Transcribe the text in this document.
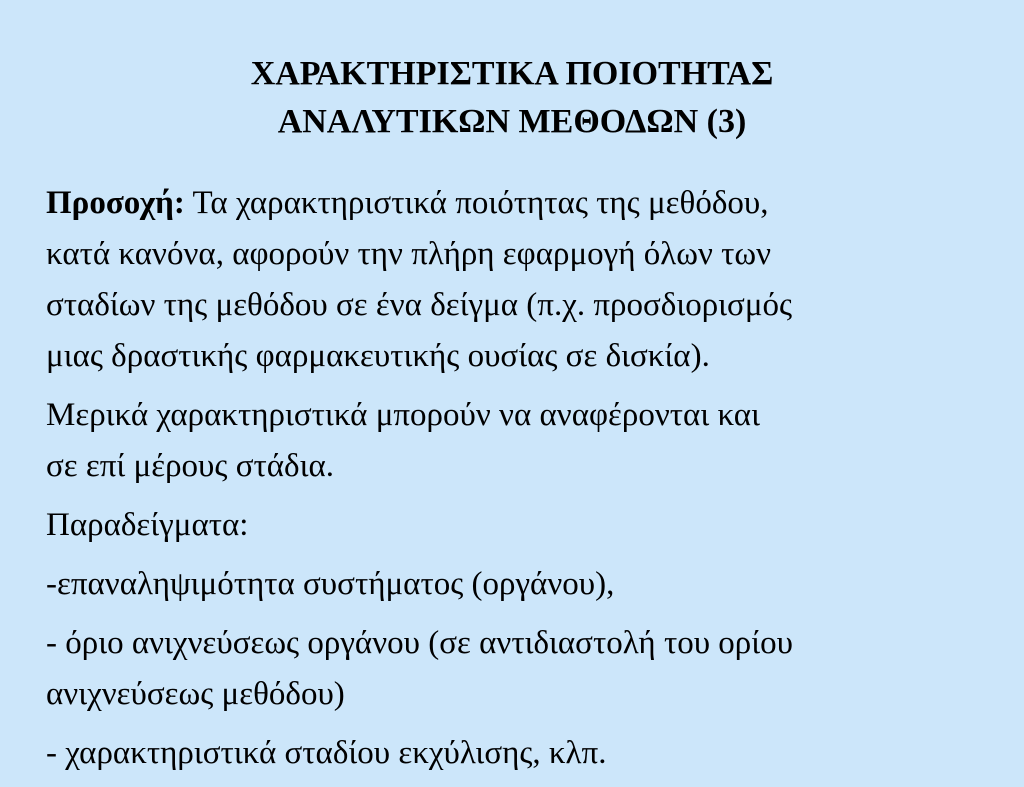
ΧΑΡΑΚΤΗΡΙΣΤΙΚΑ ΠΟΙΟΤΗΤΑΣ
ΑΝΑΛΥΤΙΚΩΝ ΜΕΘΟΔΩΝ (3)

Προσοχή: Τα χαρακτηριστικά ποιότητας της μεθόδου,
κατά κανόνα, αφορούν την πλήρη εφαρμογή όλων των
σταδίων της μεθόδου σε ένα δείγμα (π.χ. προσδιορισμός
μιας δραστικής φαρμακευτικής ουσίας σε δισκία).

Μερικά χαρακτηριστικά μπορούν να αναφέρονται και
σε επί μέρους στάδια.

Παραδείγματα:

-επαναληψιμότητα συστήματος (οργάνου),

- όριο ανιχνεύσεως οργάνου (σε αντιδιαστολή του ορίου
ανιχνεύσεως μεθόδου)

- χαρακτηριστικά σταδίου εκχύλισης, κλπ.
